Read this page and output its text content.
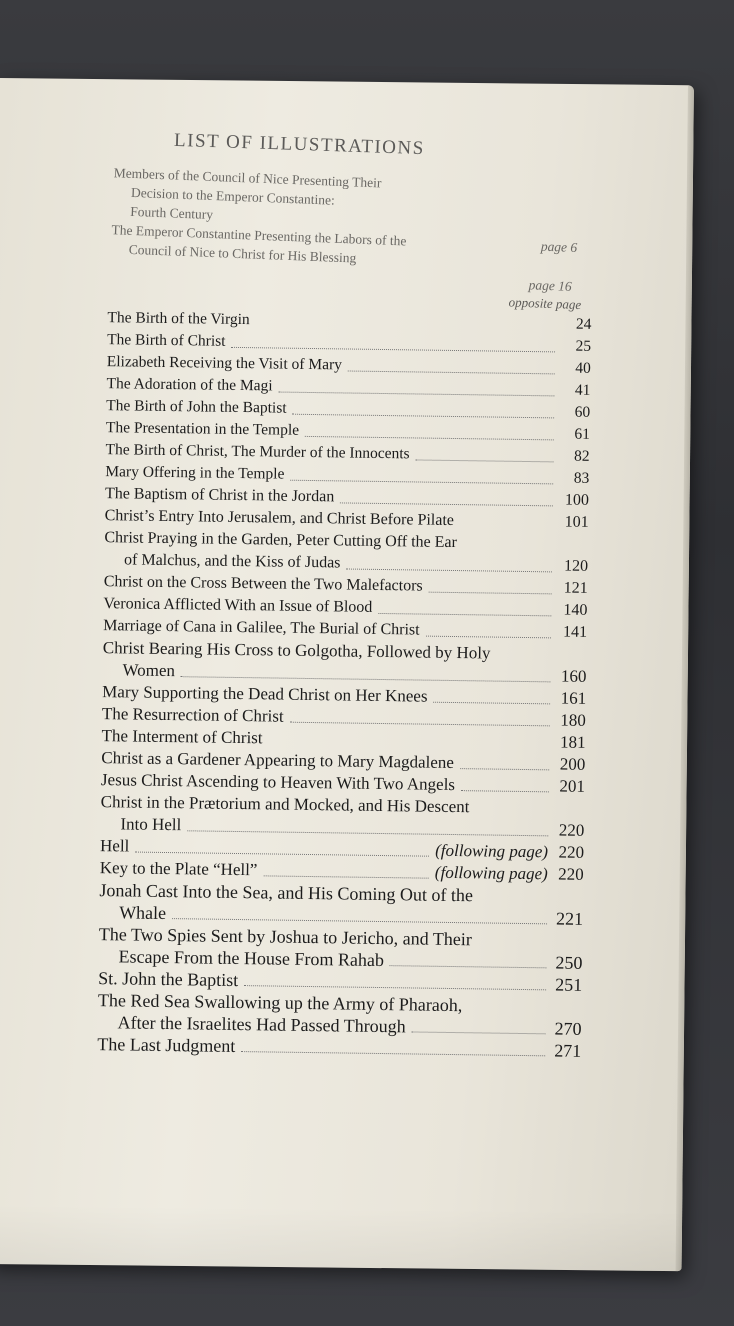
LIST OF ILLUSTRATIONS
Members of the Council of Nice Presenting Their
Decision to the Emperor Constantine:
Fourth Century
The Emperor Constantine Presenting the Labors of the
Council of Nice to Christ for His Blessing	page 6
page 16
opposite page
The Birth of the Virgin	24
The Birth of Christ	25
Elizabeth Receiving the Visit of Mary	40
The Adoration of the Magi	41
The Birth of John the Baptist	60
The Presentation in the Temple	61
The Birth of Christ, The Murder of the Innocents	82
Mary Offering in the Temple	83
The Baptism of Christ in the Jordan	100
Christ’s Entry Into Jerusalem, and Christ Before Pilate	101
Christ Praying in the Garden, Peter Cutting Off the Ear
of Malchus, and the Kiss of Judas	120
Christ on the Cross Between the Two Malefactors	121
Veronica Afflicted With an Issue of Blood	140
Marriage of Cana in Galilee, The Burial of Christ	141
Christ Bearing His Cross to Golgotha, Followed by Holy
Women	160
Mary Supporting the Dead Christ on Her Knees	161
The Resurrection of Christ	180
The Interment of Christ	181
Christ as a Gardener Appearing to Mary Magdalene	200
Jesus Christ Ascending to Heaven With Two Angels	201
Christ in the Prætorium and Mocked, and His Descent
Into Hell	220
Hell	(following page) 220
Key to the Plate “Hell”	(following page) 220
Jonah Cast Into the Sea, and His Coming Out of the
Whale	221
The Two Spies Sent by Joshua to Jericho, and Their
Escape From the House From Rahab	250
St. John the Baptist	251
The Red Sea Swallowing up the Army of Pharaoh,
After the Israelites Had Passed Through	270
The Last Judgment	271
